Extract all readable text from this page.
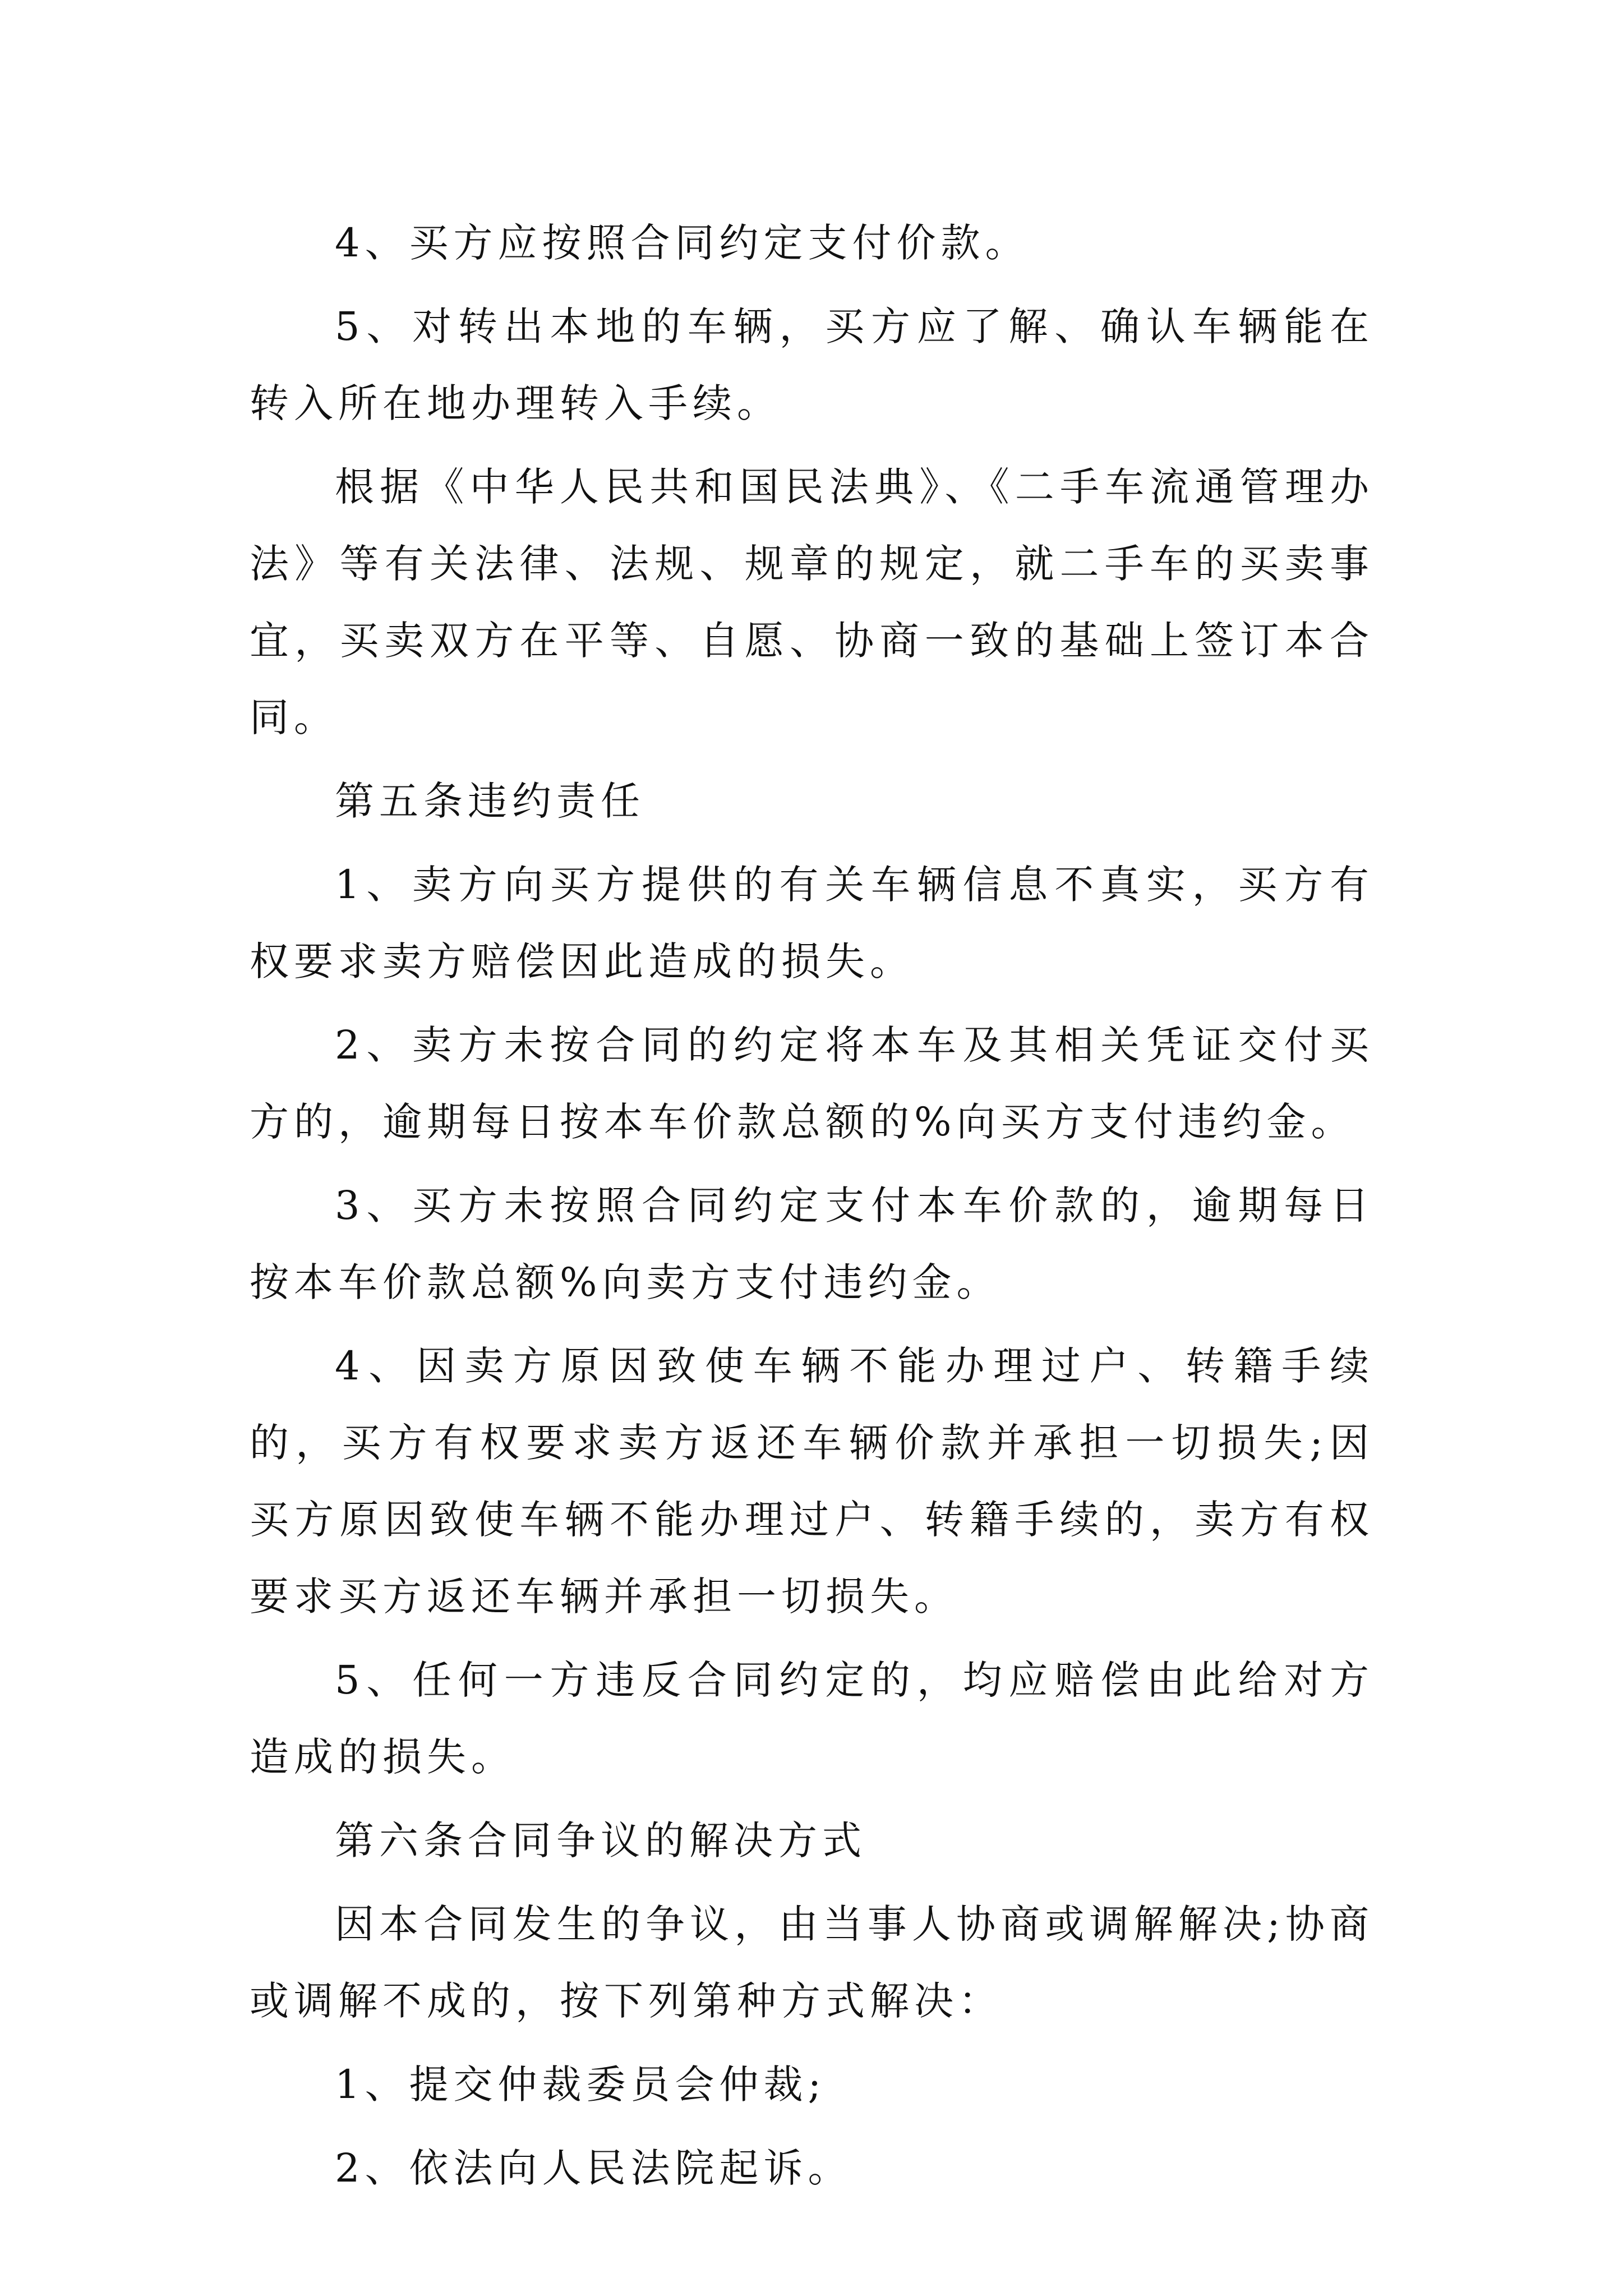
4、买方应按照合同约定支付价款。

5、对转出本地的车辆，买方应了解、确认车辆能在转入所在地办理转入手续。

根据《中华人民共和国民法典》、《二手车流通管理办法》等有关法律、法规、规章的规定，就二手车的买卖事宜，买卖双方在平等、自愿、协商一致的基础上签订本合同。

第五条违约责任

1、卖方向买方提供的有关车辆信息不真实，买方有权要求卖方赔偿因此造成的损失。

2、卖方未按合同的约定将本车及其相关凭证交付买方的，逾期每日按本车价款总额的%向买方支付违约金。

3、买方未按照合同约定支付本车价款的，逾期每日按本车价款总额%向卖方支付违约金。

4、因卖方原因致使车辆不能办理过户、转籍手续的，买方有权要求卖方返还车辆价款并承担一切损失;因买方原因致使车辆不能办理过户、转籍手续的，卖方有权要求买方返还车辆并承担一切损失。

5、任何一方违反合同约定的，均应赔偿由此给对方造成的损失。

第六条合同争议的解决方式

因本合同发生的争议，由当事人协商或调解解决;协商或调解不成的，按下列第种方式解决：

1、提交仲裁委员会仲裁;

2、依法向人民法院起诉。
